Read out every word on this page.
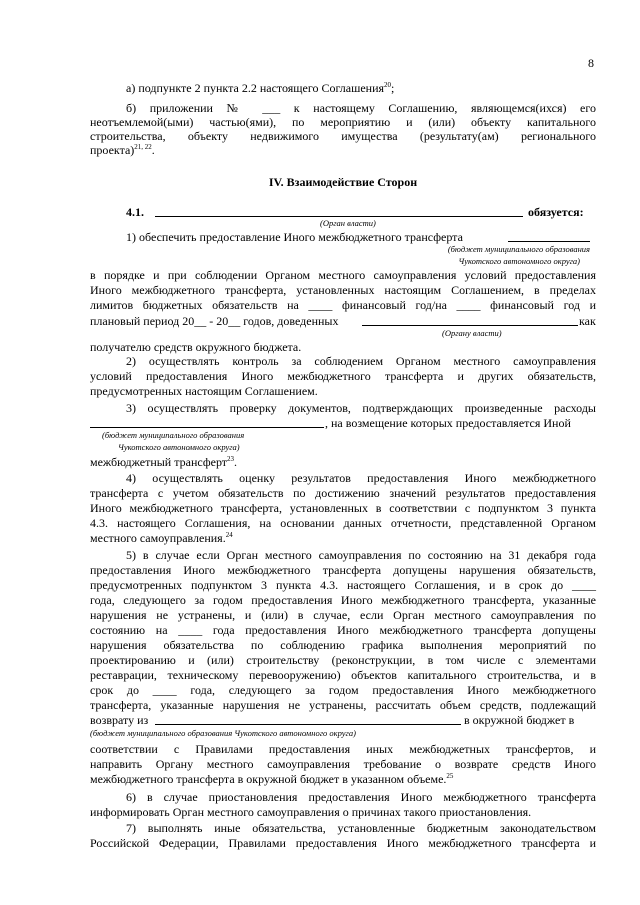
8
а) подпункте 2 пункта 2.2 настоящего Соглашения$^{20}$;
б) приложении № ___ к настоящему Соглашению, являющемся(ихся) его
неотъемлемой(ыми) частью(ями), по мероприятию и (или) объекту капитального
строительства, объекту недвижимого имущества (результату(ам) регионального
проекта)$^{21, 22}$.
IV. Взаимодействие Сторон
4.1.	обязуется:
(Орган власти)
1) обеспечить предоставление Иного межбюджетного трансферта
(бюджет муниципального образования
Чукотского автономного округа)
в порядке и при соблюдении Органом местного самоуправления условий предоставления
Иного межбюджетного трансферта, установленных настоящим Соглашением, в пределах
лимитов бюджетных обязательств на ____ финансовый год/на ____ финансовый год и
плановый период 20__ - 20__ годов, доведенных	как
(Органу власти)
получателю средств окружного бюджета.
2) осуществлять контроль за соблюдением Органом местного самоуправления
условий предоставления Иного межбюджетного трансферта и других обязательств,
предусмотренных настоящим Соглашением.
3) осуществлять проверку документов, подтверждающих произведенные расходы
, на возмещение которых предоставляется Иной
(бюджет муниципального образования
Чукотского автономного округа)
межбюджетный трансферт$^{23}$.
4) осуществлять оценку результатов предоставления Иного межбюджетного
трансферта с учетом обязательств по достижению значений результатов предоставления
Иного межбюджетного трансферта, установленных в соответствии с подпунктом 3 пункта
4.3. настоящего Соглашения, на основании данных отчетности, представленной Органом
местного самоуправления.$^{24}$
5) в случае если Орган местного самоуправления по состоянию на 31 декабря года
предоставления Иного межбюджетного трансферта допущены нарушения обязательств,
предусмотренных подпунктом 3 пункта 4.3. настоящего Соглашения, и в срок до ____
года, следующего за годом предоставления Иного межбюджетного трансферта, указанные
нарушения не устранены, и (или) в случае, если Орган местного самоуправления по
состоянию на ____ года предоставления Иного межбюджетного трансферта допущены
нарушения обязательства по соблюдению графика выполнения мероприятий по
проектированию и (или) строительству (реконструкции, в том числе с элементами
реставрации, техническому перевооружению) объектов капитального строительства, и в
срок до ____ года, следующего за годом предоставления Иного межбюджетного
трансферта, указанные нарушения не устранены, рассчитать объем средств, подлежащий
возврату из	в окружной бюджет в
(бюджет муниципального образования Чукотского автономного округа)
соответствии с Правилами предоставления иных межбюджетных трансфертов, и
направить Органу местного самоуправления требование о возврате средств Иного
межбюджетного трансферта в окружной бюджет в указанном объеме.$^{25}$
6) в случае приостановления предоставления Иного межбюджетного трансферта
информировать Орган местного самоуправления о причинах такого приостановления.
7) выполнять иные обязательства, установленные бюджетным законодательством
Российской Федерации, Правилами предоставления Иного межбюджетного трансферта и
